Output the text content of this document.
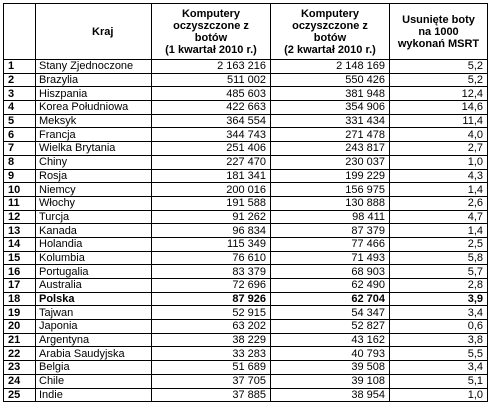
	Kraj	Komputery
oczyszczone z
botów
(1 kwartał 2010 r.)	Komputery
oczyszczone z
botów
(2 kwartał 2010 r.)	Usunięte boty
na 1000
wykonań MSRT

1	Stany Zjednoczone	2 163 216	2 148 169	5,2
2	Brazylia	511 002	550 426	5,2
3	Hiszpania	485 603	381 948	12,4
4	Korea Południowa	422 663	354 906	14,6
5	Meksyk	364 554	331 434	11,4
6	Francja	344 743	271 478	4,0
7	Wielka Brytania	251 406	243 817	2,7
8	Chiny	227 470	230 037	1,0
9	Rosja	181 341	199 229	4,3
10	Niemcy	200 016	156 975	1,4
11	Włochy	191 588	130 888	2,6
12	Turcja	91 262	98 411	4,7
13	Kanada	96 834	87 379	1,4
14	Holandia	115 349	77 466	2,5
15	Kolumbia	76 610	71 493	5,8
16	Portugalia	83 379	68 903	5,7
17	Australia	72 696	62 490	2,8
18	Polska	87 926	62 704	3,9
19	Tajwan	52 915	54 347	3,4
20	Japonia	63 202	52 827	0,6
21	Argentyna	38 229	43 162	3,8
22	Arabia Saudyjska	33 283	40 793	5,5
23	Belgia	51 689	39 508	3,4
24	Chile	37 705	39 108	5,1
25	Indie	37 885	38 954	1,0
